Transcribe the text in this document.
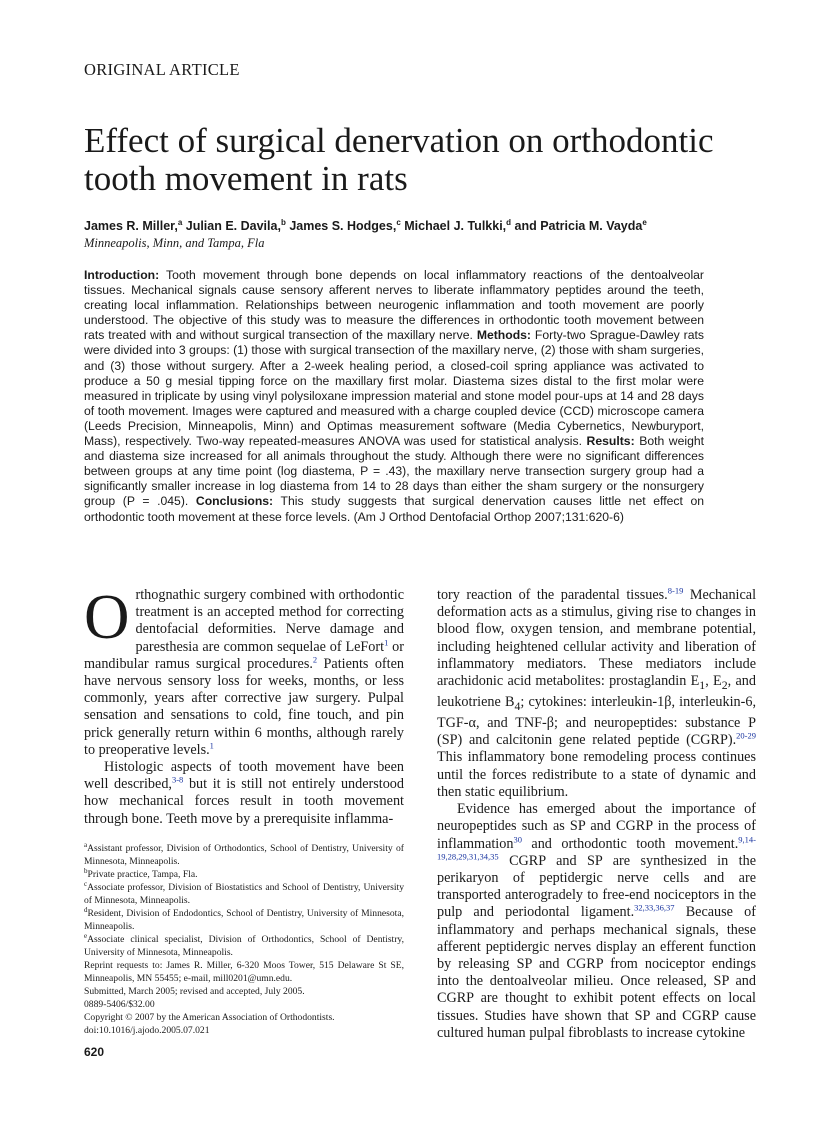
ORIGINAL ARTICLE
Effect of surgical denervation on orthodontic tooth movement in rats
James R. Miller,$^a$ Julian E. Davila,$^b$ James S. Hodges,$^c$ Michael J. Tulkki,$^d$ and Patricia M. Vayda$^e$
Minneapolis, Minn, and Tampa, Fla
Introduction: Tooth movement through bone depends on local inflammatory reactions of the dentoalveolar tissues. Mechanical signals cause sensory afferent nerves to liberate inflammatory peptides around the teeth, creating local inflammation. Relationships between neurogenic inflammation and tooth movement are poorly understood. The objective of this study was to measure the differences in orthodontic tooth movement between rats treated with and without surgical transection of the maxillary nerve. Methods: Forty-two Sprague-Dawley rats were divided into 3 groups: (1) those with surgical transection of the maxillary nerve, (2) those with sham surgeries, and (3) those without surgery. After a 2-week healing period, a closed-coil spring appliance was activated to produce a 50 g mesial tipping force on the maxillary first molar. Diastema sizes distal to the first molar were measured in triplicate by using vinyl polysiloxane impression material and stone model pour-ups at 14 and 28 days of tooth movement. Images were captured and measured with a charge coupled device (CCD) microscope camera (Leeds Precision, Minneapolis, Minn) and Optimas measurement software (Media Cybernetics, Newburyport, Mass), respectively. Two-way repeated-measures ANOVA was used for statistical analysis. Results: Both weight and diastema size increased for all animals throughout the study. Although there were no significant differences between groups at any time point (log diastema, P = .43), the maxillary nerve transection surgery group had a significantly smaller increase in log diastema from 14 to 28 days than either the sham surgery or the nonsurgery group (P = .045). Conclusions: This study suggests that surgical denervation causes little net effect on orthodontic tooth movement at these force levels. (Am J Orthod Dentofacial Orthop 2007;131:620-6)

Orthognathic surgery combined with orthodontic treatment is an accepted method for correcting dentofacial deformities. Nerve damage and paresthesia are common sequelae of LeFort$^1$ or mandibular ramus surgical procedures.$^2$ Patients often have nervous sensory loss for weeks, months, or less commonly, years after corrective jaw surgery. Pulpal sensation and sensations to cold, fine touch, and pin prick generally return within 6 months, although rarely to preoperative levels.$^1$

Histologic aspects of tooth movement have been well described,$^{3-8}$ but it is still not entirely understood how mechanical forces result in tooth movement through bone. Teeth move by a prerequisite inflamma-

$^a$Assistant professor, Division of Orthodontics, School of Dentistry, University of Minnesota, Minneapolis.

$^b$Private practice, Tampa, Fla.

$^c$Associate professor, Division of Biostatistics and School of Dentistry, University of Minnesota, Minneapolis.

$^d$Resident, Division of Endodontics, School of Dentistry, University of Minnesota, Minneapolis.

$^e$Associate clinical specialist, Division of Orthodontics, School of Dentistry, University of Minnesota, Minneapolis.

Reprint requests to: James R. Miller, 6-320 Moos Tower, 515 Delaware St SE, Minneapolis, MN 55455; e-mail, mill0201@umn.edu.

Submitted, March 2005; revised and accepted, July 2005.

0889-5406/$32.00

Copyright © 2007 by the American Association of Orthodontists.

doi:10.1016/j.ajodo.2005.07.021

tory reaction of the paradental tissues.$^{8-19}$ Mechanical deformation acts as a stimulus, giving rise to changes in blood flow, oxygen tension, and membrane potential, including heightened cellular activity and liberation of inflammatory mediators. These mediators include arachidonic acid metabolites: prostaglandin $E_1$, $E_2$, and leukotriene $B_4$; cytokines: interleukin-1β, interleukin-6, TGF-α, and TNF-β; and neuropeptides: substance P (SP) and calcitonin gene related peptide (CGRP).$^{20-29}$ This inflammatory bone remodeling process continues until the forces redistribute to a state of dynamic and then static equilibrium.

Evidence has emerged about the importance of neuropeptides such as SP and CGRP in the process of inflammation$^{30}$ and orthodontic tooth movement.$^{9,14-19,28,29,31,34,35}$ CGRP and SP are synthesized in the perikaryon of peptidergic nerve cells and are transported anterogradely to free-end nociceptors in the pulp and periodontal ligament.$^{32,33,36,37}$ Because of inflammatory and perhaps mechanical signals, these afferent peptidergic nerves display an efferent function by releasing SP and CGRP from nociceptor endings into the dentoalveolar milieu. Once released, SP and CGRP are thought to exhibit potent effects on local tissues. Studies have shown that SP and CGRP cause cultured human pulpal fibroblasts to increase cytokine

620
